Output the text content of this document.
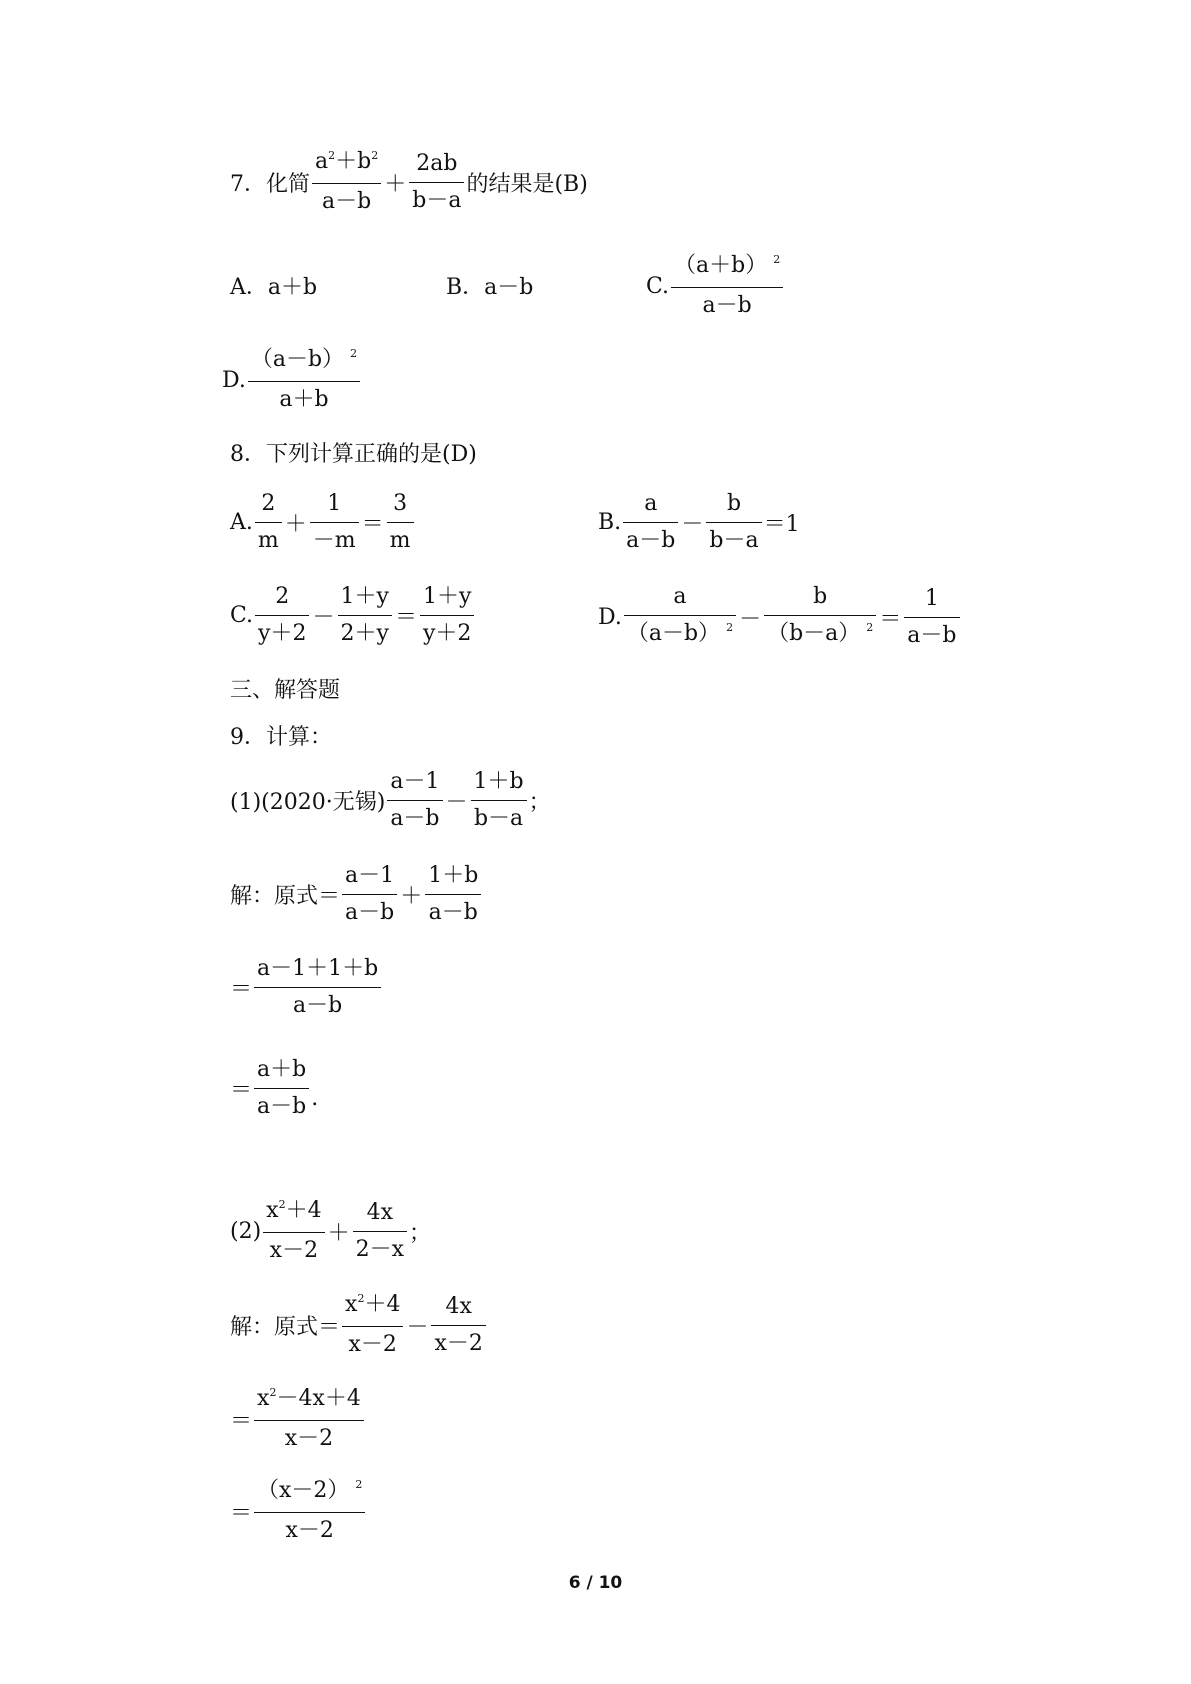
7． 化简 $\frac{a^2+b^2}{a-b} + \frac{2ab}{b-a}$ 的结果是(B)
A．a＋b	B．a－b	C. $\frac{(a+b) ^2}{a-b}$
D. $\frac{(a-b) ^2}{a+b}$
8． 下列计算正确的是(D)
A. $\frac{2}{m} + \frac{1}{-m} = \frac{3}{m}$	B. $\frac{a}{a-b} - \frac{b}{b-a} =1$
C. $\frac{2}{y+2} - \frac{1+y}{2+y} = \frac{1+y}{y+2}$	D. $\frac{a}{(a-b) ^2} - \frac{b}{(b-a) ^2} = \frac{1}{a-b}$
三、解答题
9． 计算：
(1)(2020·无锡) $\frac{a-1}{a-b} - \frac{1+b}{b-a}$ ；
解：原式＝ $\frac{a-1}{a-b} + \frac{1+b}{a-b}$
＝ $\frac{a-1+1+b}{a-b}$
＝ $\frac{a+b}{a-b}$ .
$(2) \frac{x^2+4}{x-2} + \frac{4x}{2-x}$ ；
解：原式＝ $\frac{x^2+4}{x-2} - \frac{4x}{x-2}$
＝ $\frac{x^2-4x+4}{x-2}$
＝ $\frac{(x-2) ^2}{x-2}$
6 / 10
